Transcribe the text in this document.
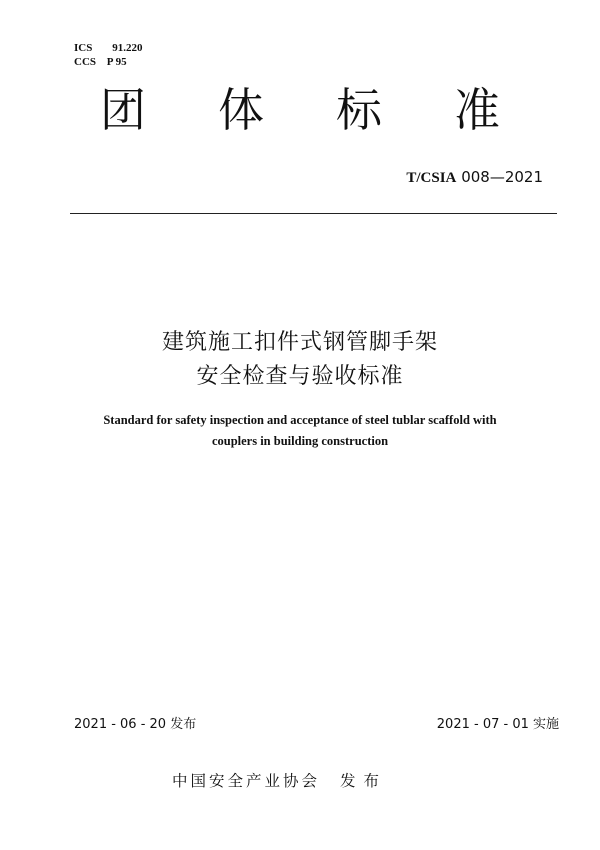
ICS 91.220
CCS P 95
团	体	标	准
T/CSIA 008—2021
建筑施工扣件式钢管脚手架
安全检查与验收标准
Standard for safety inspection and acceptance of steel tublar scaffold with
couplers in building construction
2021 - 06 - 20 发布	2021 - 07 - 01 实施
中国安全产业协会 发布
